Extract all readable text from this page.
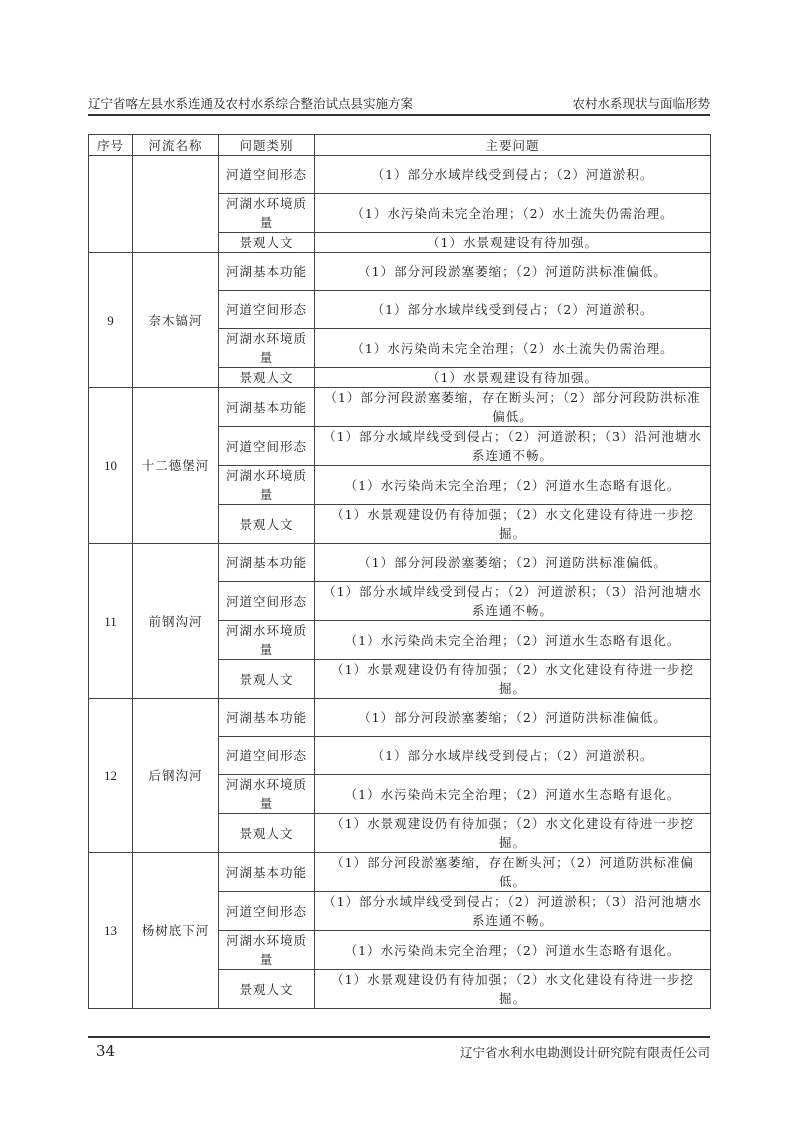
辽宁省喀左县水系连通及农村水系综合整治试点县实施方案	农村水系现状与面临形势
序号	河流名称	问题类别	主要问题
		河道空间形态	（1）部分水域岸线受到侵占；（2）河道淤积。
		河湖水环境质量	（1）水污染尚未完全治理；（2）水土流失仍需治理。
		景观人文	（1）水景观建设有待加强。
9	奈木镐河	河湖基本功能	（1）部分河段淤塞萎缩；（2）河道防洪标准偏低。
		河道空间形态	（1）部分水域岸线受到侵占；（2）河道淤积。
		河湖水环境质量	（1）水污染尚未完全治理；（2）水土流失仍需治理。
		景观人文	（1）水景观建设有待加强。
10	十二德堡河	河湖基本功能	（1）部分河段淤塞萎缩，存在断头河；（2）部分河段防洪标准偏低。
		河道空间形态	（1）部分水域岸线受到侵占；（2）河道淤积；（3）沿河池塘水系连通不畅。
		河湖水环境质量	（1）水污染尚未完全治理；（2）河道水生态略有退化。
		景观人文	（1）水景观建设仍有待加强；（2）水文化建设有待进一步挖掘。
11	前钢沟河	河湖基本功能	（1）部分河段淤塞萎缩；（2）河道防洪标准偏低。
		河道空间形态	（1）部分水域岸线受到侵占；（2）河道淤积；（3）沿河池塘水系连通不畅。
		河湖水环境质量	（1）水污染尚未完全治理；（2）河道水生态略有退化。
		景观人文	（1）水景观建设仍有待加强；（2）水文化建设有待进一步挖掘。
12	后钢沟河	河湖基本功能	（1）部分河段淤塞萎缩；（2）河道防洪标准偏低。
		河道空间形态	（1）部分水域岸线受到侵占；（2）河道淤积。
		河湖水环境质量	（1）水污染尚未完全治理；（2）河道水生态略有退化。
		景观人文	（1）水景观建设仍有待加强；（2）水文化建设有待进一步挖掘。
13	杨树底下河	河湖基本功能	（1）部分河段淤塞萎缩，存在断头河；（2）河道防洪标准偏低。
		河道空间形态	（1）部分水域岸线受到侵占；（2）河道淤积；（3）沿河池塘水系连通不畅。
		河湖水环境质量	（1）水污染尚未完全治理；（2）河道水生态略有退化。
		景观人文	（1）水景观建设仍有待加强；（2）水文化建设有待进一步挖掘。
34	辽宁省水利水电勘测设计研究院有限责任公司
